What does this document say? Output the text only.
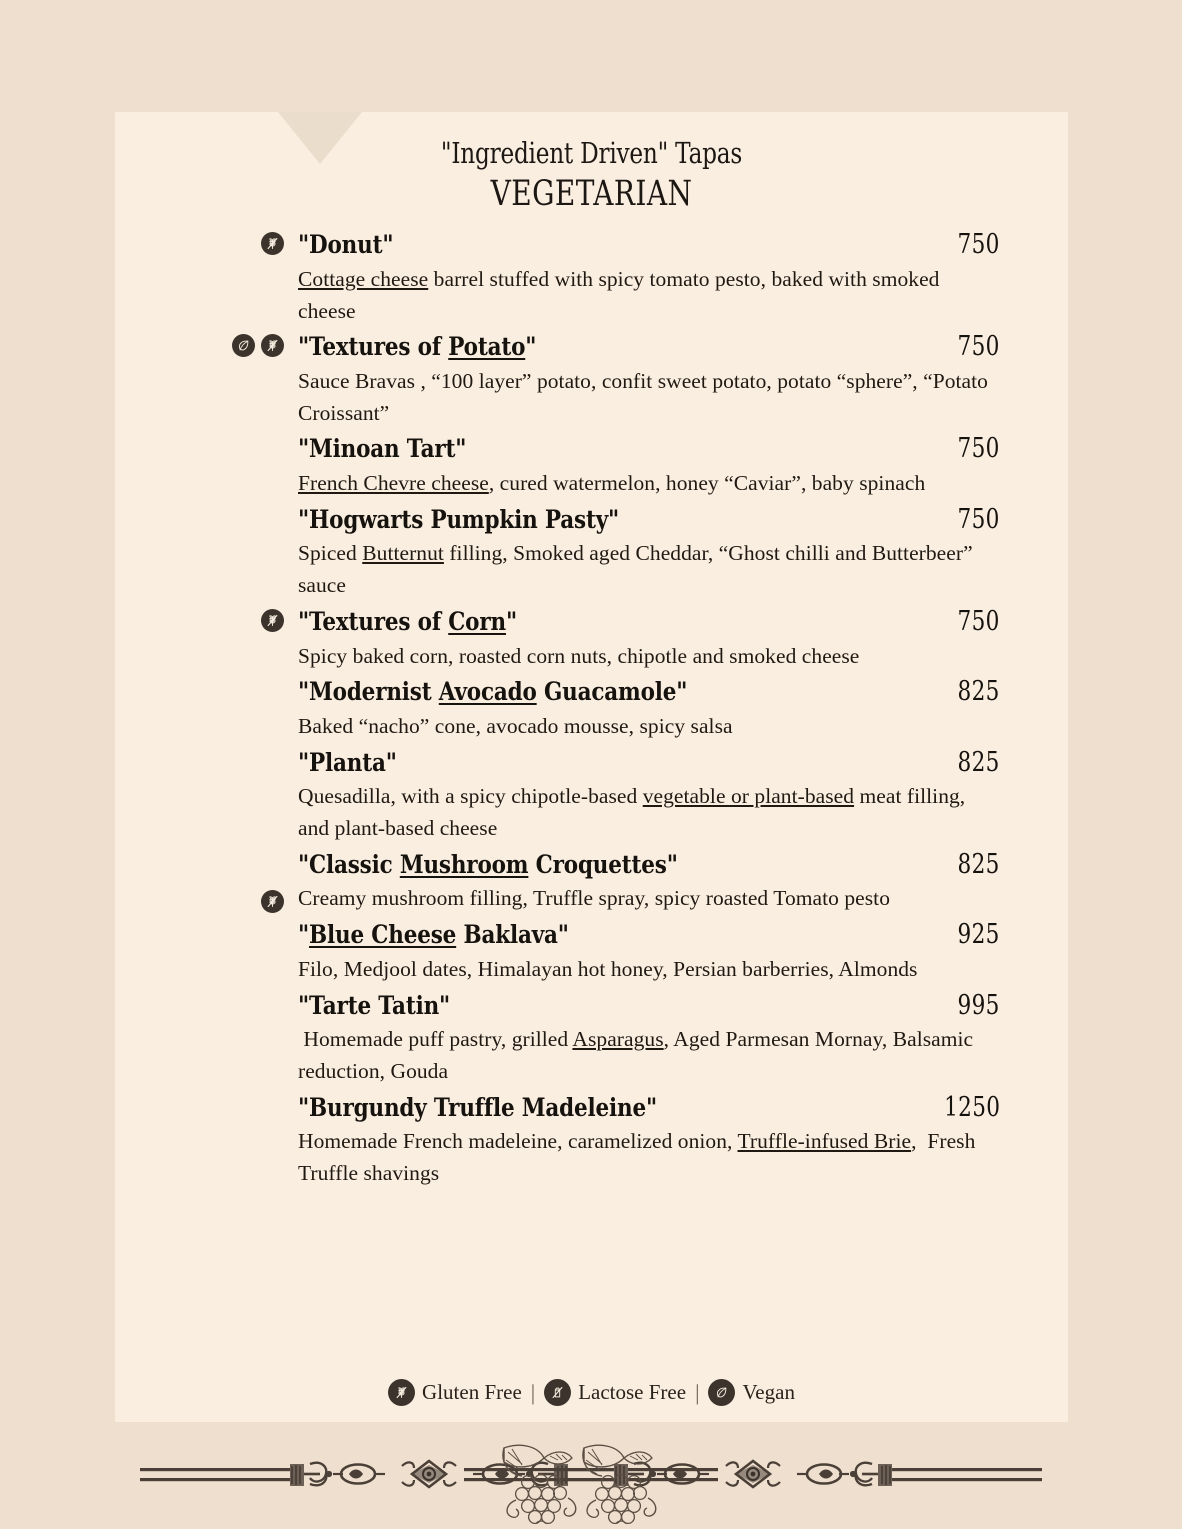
"Ingredient Driven" Tapas
VEGETARIAN
"Donut"	750
Cottage cheese barrel stuffed with spicy tomato pesto, baked with smoked cheese
"Textures of Potato"	750
Sauce Bravas , “100 layer” potato, confit sweet potato, potato “sphere”, “Potato Croissant”
"Minoan Tart"	750
French Chevre cheese, cured watermelon, honey “Caviar”, baby spinach
"Hogwarts Pumpkin Pasty"	750
Spiced Butternut filling, Smoked aged Cheddar, “Ghost chilli and Butterbeer” sauce
"Textures of Corn"	750
Spicy baked corn, roasted corn nuts, chipotle and smoked cheese
"Modernist Avocado Guacamole"	825
Baked “nacho” cone, avocado mousse, spicy salsa
"Planta"	825
Quesadilla, with a spicy chipotle-based vegetable or plant-based meat filling, and plant-based cheese
"Classic Mushroom Croquettes"	825
Creamy mushroom filling, Truffle spray, spicy roasted Tomato pesto
"Blue Cheese Baklava"	925
Filo, Medjool dates, Himalayan hot honey, Persian barberries, Almonds
"Tarte Tatin"	995
Homemade puff pastry, grilled Asparagus, Aged Parmesan Mornay, Balsamic reduction, Gouda
"Burgundy Truffle Madeleine"	1250
Homemade French madeleine, caramelized onion, Truffle-infused Brie,  Fresh Truffle shavings
Gluten Free | Lactose Free | Vegan
